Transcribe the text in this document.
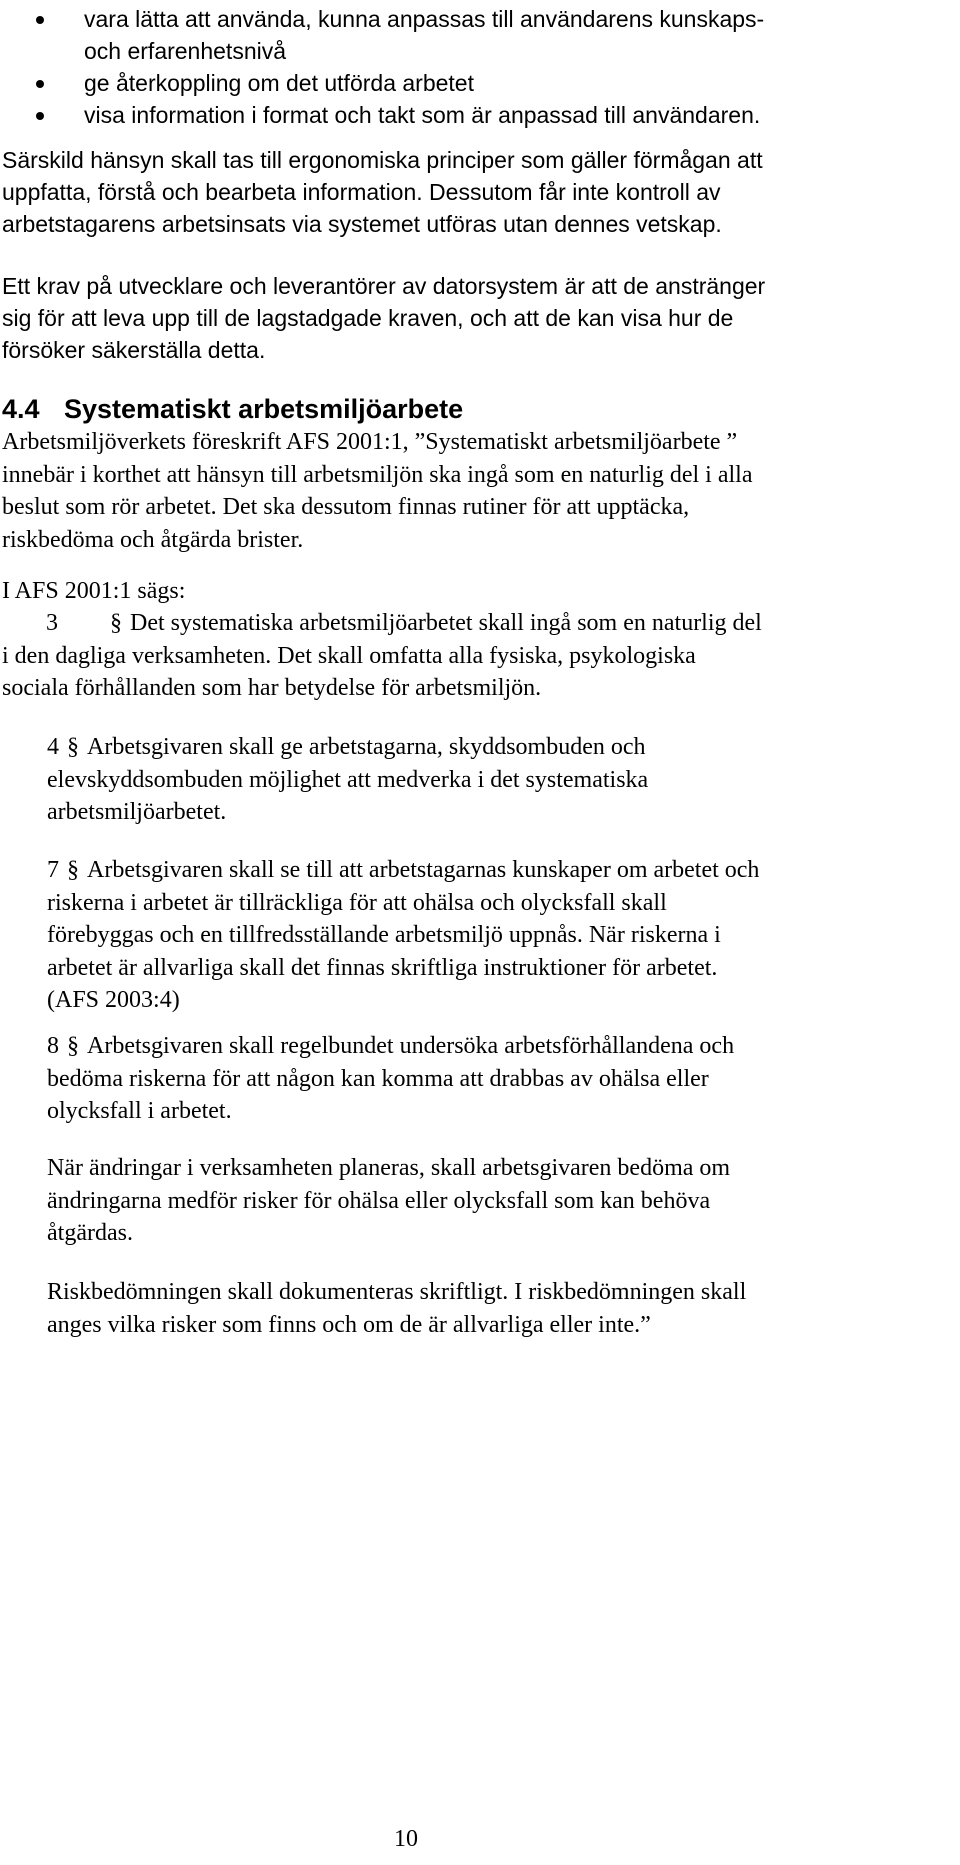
vara lätta att använda, kunna anpassas till användarens kunskaps- och erfarenhetsnivå
ge återkoppling om det utförda arbetet
visa information i format och takt som är anpassad till användaren.

Särskild hänsyn skall tas till ergonomiska principer som gäller förmågan att uppfatta, förstå och bearbeta information. Dessutom får inte kontroll av arbetstagarens arbetsinsats via systemet utföras utan dennes vetskap.

Ett krav på utvecklare och leverantörer av datorsystem är att de anstränger sig för att leva upp till de lagstadgade kraven, och att de kan visa hur de försöker säkerställa detta.

4.4 Systematiskt arbetsmiljöarbete

Arbetsmiljöverkets föreskrift AFS 2001:1, ”Systematiskt arbetsmiljöarbete ” innebär i korthet att hänsyn till arbetsmiljön ska ingå som en naturlig del i alla beslut som rör arbetet. Det ska dessutom finnas rutiner för att upptäcka, riskbedöma och åtgärda brister.

I AFS 2001:1 sägs:

3 § Det systematiska arbetsmiljöarbetet skall ingå som en naturlig del i den dagliga verksamheten. Det skall omfatta alla fysiska, psykologiska sociala förhållanden som har betydelse för arbetsmiljön.

4 § Arbetsgivaren skall ge arbetstagarna, skyddsombuden och elevskyddsombuden möjlighet att medverka i det systematiska arbetsmiljöarbetet.

7 § Arbetsgivaren skall se till att arbetstagarnas kunskaper om arbetet och riskerna i arbetet är tillräckliga för att ohälsa och olycksfall skall förebyggas och en tillfredsställande arbetsmiljö uppnås. När riskerna i arbetet är allvarliga skall det finnas skriftliga instruktioner för arbetet. (AFS 2003:4)

8 § Arbetsgivaren skall regelbundet undersöka arbetsförhållandena och bedöma riskerna för att någon kan komma att drabbas av ohälsa eller olycksfall i arbetet.

När ändringar i verksamheten planeras, skall arbetsgivaren bedöma om ändringarna medför risker för ohälsa eller olycksfall som kan behöva åtgärdas.

Riskbedömningen skall dokumenteras skriftligt. I riskbedömningen skall anges vilka risker som finns och om de är allvarliga eller inte.”

10
